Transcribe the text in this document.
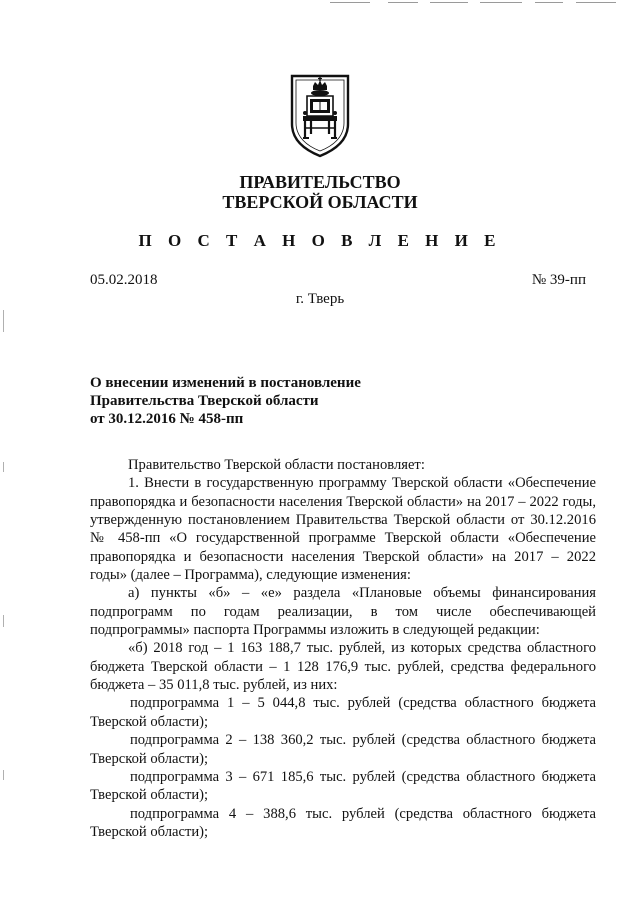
ПРАВИТЕЛЬСТВО
ТВЕРСКОЙ ОБЛАСТИ
П О С Т А Н О В Л Е Н И Е
05.02.2018	№ 39-пп
г. Тверь
О внесении изменений в постановление
Правительства Тверской области
от 30.12.2016 № 458-пп

Правительство Тверской области постановляет:

1. Внести в государственную программу Тверской области «Обеспечение правопорядка и безопасности населения Тверской области» на 2017 – 2022 годы, утвержденную постановлением Правительства Тверской области от 30.12.2016 № 458-пп «О государственной программе Тверской области «Обеспечение правопорядка и безопасности населения Тверской области» на 2017 – 2022 годы» (далее – Программа), следующие изменения:

а) пункты «б» – «е» раздела «Плановые объемы финансирования подпрограмм по годам реализации, в том числе обеспечивающей подпрограммы» паспорта Программы изложить в следующей редакции:

«б) 2018 год – 1 163 188,7 тыс. рублей, из которых средства областного бюджета Тверской области – 1 128 176,9 тыс. рублей, средства федерального бюджета – 35 011,8 тыс. рублей, из них:

подпрограмма 1 – 5 044,8 тыс. рублей (средства областного бюджета Тверской области);

подпрограмма 2 – 138 360,2 тыс. рублей (средства областного бюджета Тверской области);

подпрограмма 3 – 671 185,6 тыс. рублей (средства областного бюджета Тверской области);

подпрограмма 4 – 388,6 тыс. рублей (средства областного бюджета Тверской области);
